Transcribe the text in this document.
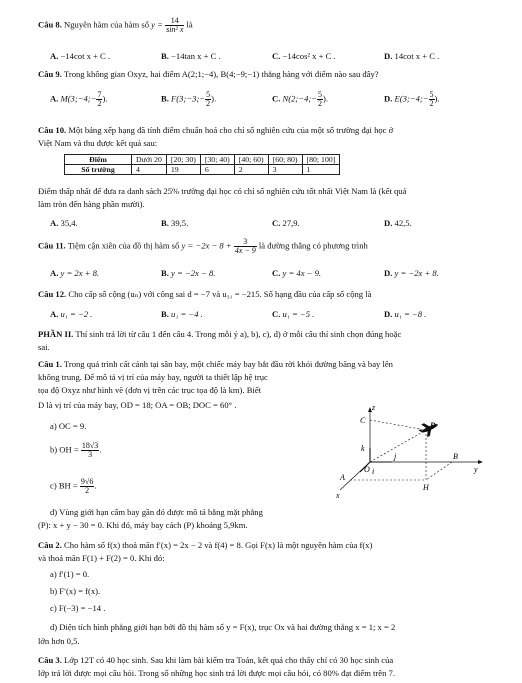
Câu 8. Nguyên hàm của hàm số $y = \frac{14}{\text{sin² x}}$ là
A. −14cot x + C .	B. −14tan x + C .	C. −14cos² x + C .	D. 14cot x + C .
Câu 9. Trong không gian Oxyz, hai điểm A(2;1;−4), B(4;−9;−1) thẳng hàng với điểm nào sau đây?
A. M(3;−4;− $\frac{7}{2}$ ).	B. F(3;−3;− $\frac{5}{2}$ ).	C. N(2;−4;− $\frac{5}{2}$ ).	D. E(3;−4;− $\frac{5}{2}$ ).
Câu 10. Một bảng xếp hạng đã tính điểm chuẩn hoá cho chỉ số nghiên cứu của một số trường đại học ở
Việt Nam và thu được kết quả sau:
Điểm	Dưới 20	[20; 30)	[30; 40)	[40; 60)	[60; 80)	[80; 100]
Số trường	4	19	6	2	3	1
Điểm thấp nhất để đưa ra danh sách 25% trường đại học có chỉ số nghiên cứu tốt nhất Việt Nam là (kết quả
làm tròn đến hàng phần mười).
A. 35,4.	B. 39,5.	C. 27,9.	D. 42,5.
Câu 11. Tiệm cận xiên của đồ thị hàm số $y = -2x - 8 + \frac{3}{4x - 9}$ là đường thẳng có phương trình
A. y = 2x + 8.	B. y = −2x − 8.	C. y = 4x − 9.	D. y = −2x + 8.
Câu 12. Cho cấp số cộng (uₙ) với công sai d = −7 và u₃₁ = −215. Số hạng đầu của cấp số cộng là
A. u₁ = −2 .	B. u₁ = −4 .	C. u₁ = −5 .	D. u₁ = −8 .
PHẦN II. Thí sinh trả lời từ câu 1 đến câu 4. Trong mỗi ý a), b), c), d) ở mỗi câu thí sinh chọn đúng hoặc
sai.
Câu 1. Trong quá trình cất cánh tại sân bay, một chiếc máy bay bắt đầu rời khỏi đường băng và bay lên
không trung. Để mô tả vị trí của máy bay, người ta thiết lập hệ trục
tọa độ Oxyz như hình vẽ (đơn vị trên các trục tọa độ là km). Biết
D là vị trí của máy bay, OD = 18; OA = OB; DOC = 60° .
a) OC = 9.
b) OH = $\frac{18√3}{3}$ .
c) BH = $\frac{9√6}{2}$ .
d) Vùng giới hạn cấm bay gần đó được mô tả bằng mặt phẳng
(P): x + y − 30 = 0. Khi đó, máy bay cách (P) khoảng 5,9km.
z
C
D
k
O
j	B
y
i
A
H
x
Câu 2. Cho hàm số f(x) thoả mãn f′(x) = 2x − 2 và f(4) = 8. Gọi F(x) là một nguyên hàm của f(x)
và thoả mãn F(1) + F(2) = 0. Khi đó:
a) f′(1) = 0.
b) F′(x) = f(x).
c) F(−3) = −14 .
d) Diện tích hình phẳng giới hạn bởi đồ thị hàm số y = F(x), trục Ox và hai đường thẳng x = 1; x = 2
lớn hơn 0,5.
Câu 3. Lớp 12T có 40 học sinh. Sau khi làm bài kiểm tra Toán, kết quả cho thấy chỉ có 30 học sinh của
lớp trả lời được mọi câu hỏi. Trong số những học sinh trả lời được mọi câu hỏi, có 80% đạt điểm trên 7.
